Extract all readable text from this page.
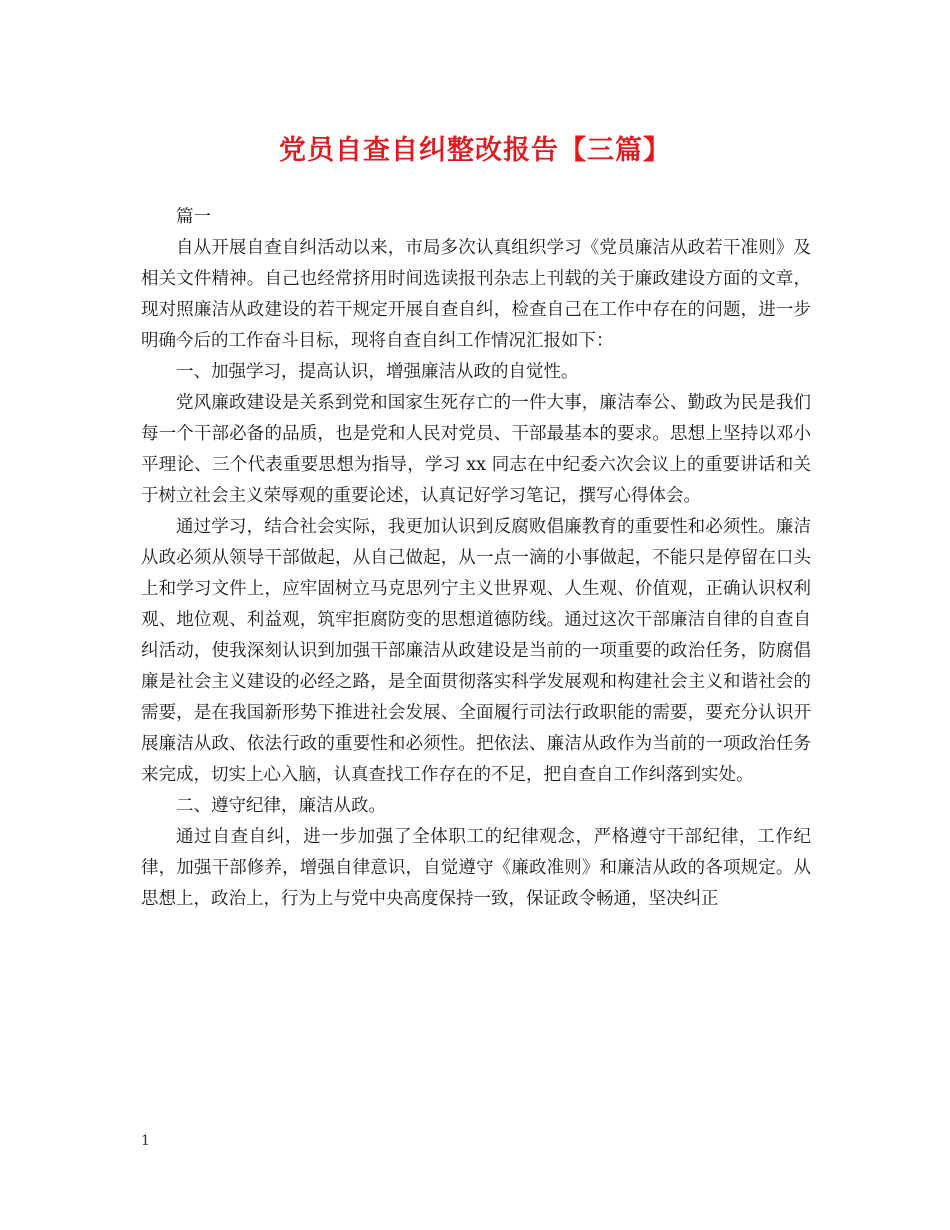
党员自查自纠整改报告【三篇】

篇一

自从开展自查自纠活动以来，市局多次认真组织学习《党员廉洁从政若干准则》及相关文件精神。自己也经常挤用时间选读报刊杂志上刊载的关于廉政建设方面的文章，现对照廉洁从政建设的若干规定开展自查自纠，检查自己在工作中存在的问题，进一步明确今后的工作奋斗目标，现将自查自纠工作情况汇报如下：

一、加强学习，提高认识，增强廉洁从政的自觉性。

党风廉政建设是关系到党和国家生死存亡的一件大事，廉洁奉公、勤政为民是我们每一个干部必备的品质，也是党和人民对党员、干部最基本的要求。思想上坚持以邓小平理论、三个代表重要思想为指导，学习 xx 同志在中纪委六次会议上的重要讲话和关于树立社会主义荣辱观的重要论述，认真记好学习笔记，撰写心得体会。

通过学习，结合社会实际，我更加认识到反腐败倡廉教育的重要性和必须性。廉洁从政必须从领导干部做起，从自己做起，从一点一滴的小事做起，不能只是停留在口头上和学习文件上，应牢固树立马克思列宁主义世界观、人生观、价值观，正确认识权利观、地位观、利益观，筑牢拒腐防变的思想道德防线。通过这次干部廉洁自律的自查自纠活动，使我深刻认识到加强干部廉洁从政建设是当前的一项重要的政治任务，防腐倡廉是社会主义建设的必经之路，是全面贯彻落实科学发展观和构建社会主义和谐社会的需要，是在我国新形势下推进社会发展、全面履行司法行政职能的需要，要充分认识开展廉洁从政、依法行政的重要性和必须性。把依法、廉洁从政作为当前的一项政治任务来完成，切实上心入脑，认真查找工作存在的不足，把自查自工作纠落到实处。

二、遵守纪律，廉洁从政。

通过自查自纠，进一步加强了全体职工的纪律观念，严格遵守干部纪律，工作纪律，加强干部修养，增强自律意识，自觉遵守《廉政准则》和廉洁从政的各项规定。从思想上，政治上，行为上与党中央高度保持一致，保证政令畅通，坚决纠正

1
